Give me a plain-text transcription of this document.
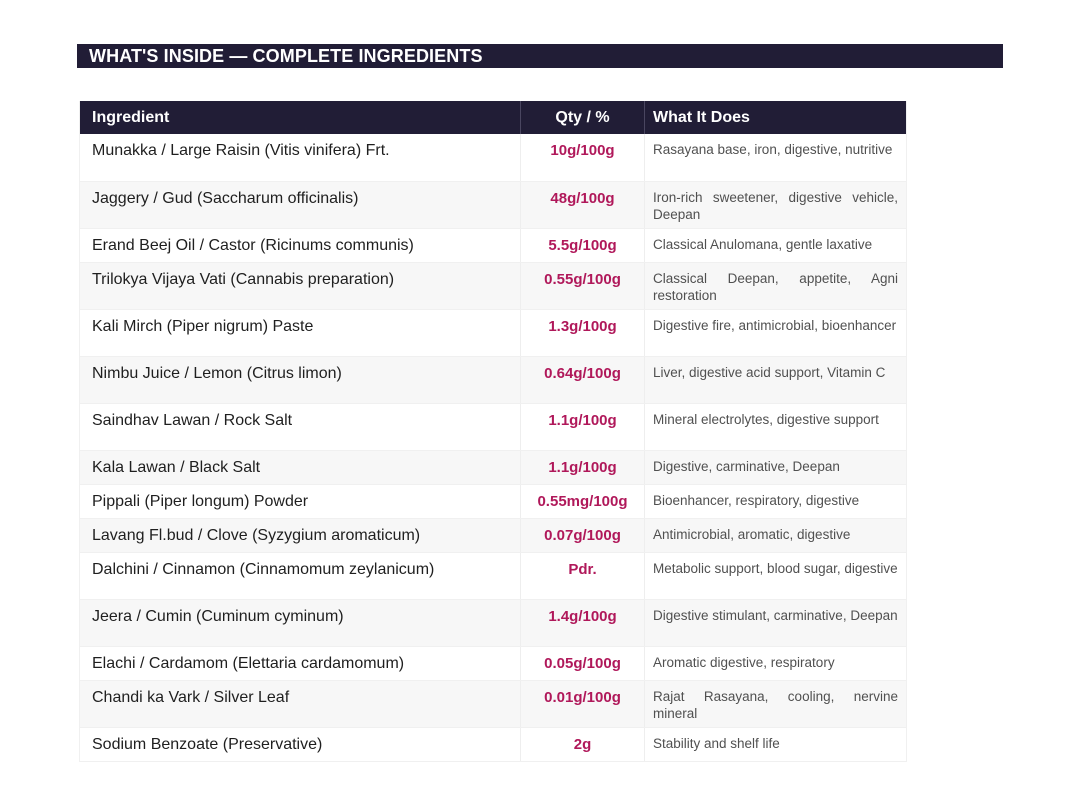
WHAT'S INSIDE — COMPLETE INGREDIENTS
Ingredient	Qty / %	What It Does
Munakka / Large Raisin (Vitis vinifera) Frt.	10g/100g	Rasayana base, iron, digestive, nutritive
Jaggery / Gud (Saccharum officinalis)	48g/100g	Iron-rich sweetener, digestive vehicle, Deepan
Erand Beej Oil / Castor (Ricinums communis)	5.5g/100g	Classical Anulomana, gentle laxative
Trilokya Vijaya Vati (Cannabis preparation)	0.55g/100g	Classical Deepan, appetite, Agni restoration
Kali Mirch (Piper nigrum) Paste	1.3g/100g	Digestive fire, antimicrobial, bioenhancer
Nimbu Juice / Lemon (Citrus limon)	0.64g/100g	Liver, digestive acid support, Vitamin C
Saindhav Lawan / Rock Salt	1.1g/100g	Mineral electrolytes, digestive support
Kala Lawan / Black Salt	1.1g/100g	Digestive, carminative, Deepan
Pippali (Piper longum) Powder	0.55mg/100g	Bioenhancer, respiratory, digestive
Lavang Fl.bud / Clove (Syzygium aromaticum)	0.07g/100g	Antimicrobial, aromatic, digestive
Dalchini / Cinnamon (Cinnamomum zeylanicum)	Pdr.	Metabolic support, blood sugar, digestive
Jeera / Cumin (Cuminum cyminum)	1.4g/100g	Digestive stimulant, carminative, Deepan
Elachi / Cardamom (Elettaria cardamomum)	0.05g/100g	Aromatic digestive, respiratory
Chandi ka Vark / Silver Leaf	0.01g/100g	Rajat Rasayana, cooling, nervine mineral
Sodium Benzoate (Preservative)	2g	Stability and shelf life
